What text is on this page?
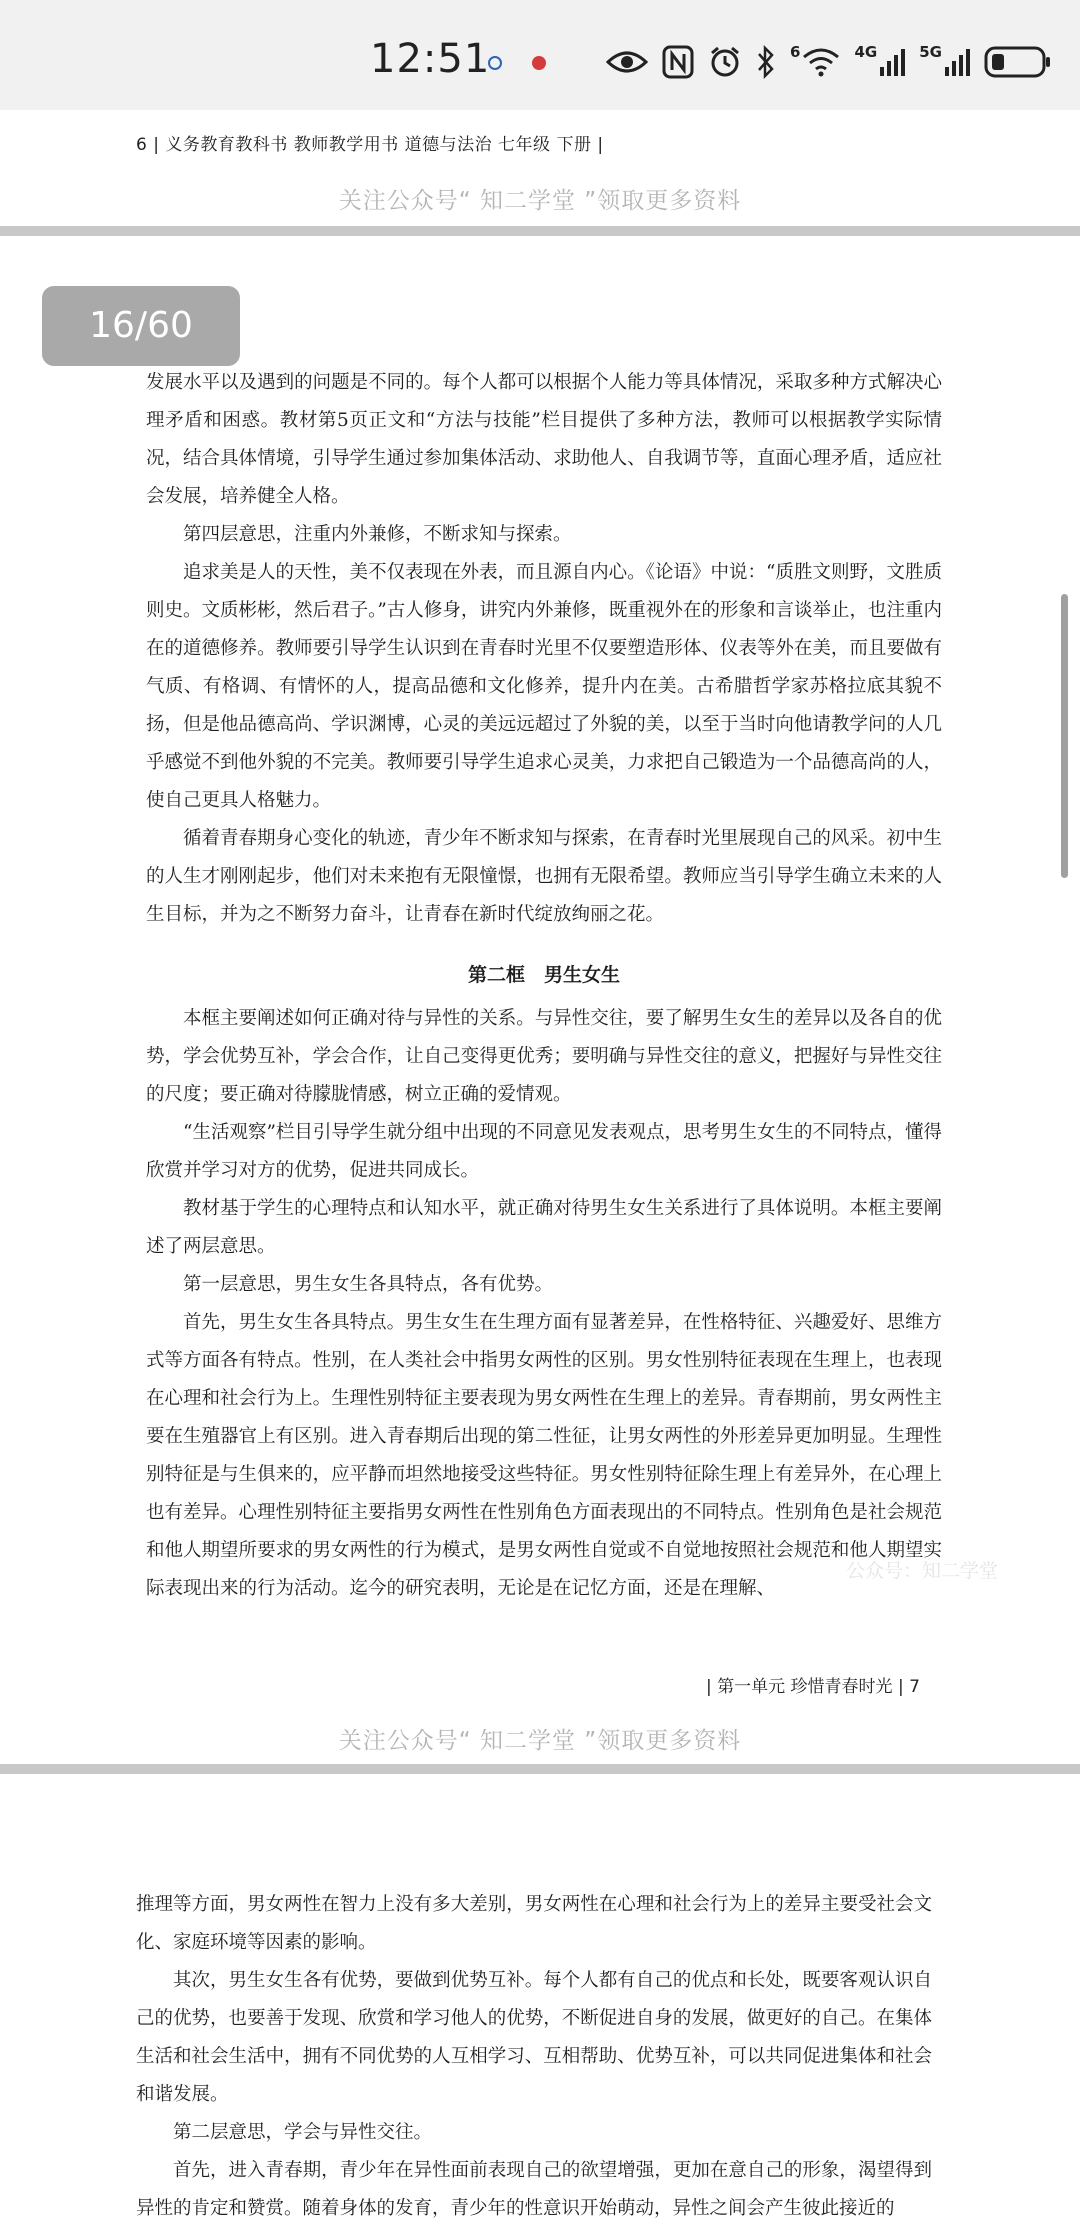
12:51	6	4G	5G
6 | 义务教育教科书 教师教学用书 道德与法治 七年级 下册 |
关注公众号“ 知二学堂 ”领取更多资料

发展水平以及遇到的问题是不同的。每个人都可以根据个人能力等具体情况，采取多种方式解决心理矛盾和困惑。教材第5页正文和“方法与技能”栏目提供了多种方法，教师可以根据教学实际情况，结合具体情境，引导学生通过参加集体活动、求助他人、自我调节等，直面心理矛盾，适应社会发展，培养健全人格。

第四层意思，注重内外兼修，不断求知与探索。

追求美是人的天性，美不仅表现在外表，而且源自内心。《论语》中说：“质胜文则野，文胜质则史。文质彬彬，然后君子。”古人修身，讲究内外兼修，既重视外在的形象和言谈举止，也注重内在的道德修养。教师要引导学生认识到在青春时光里不仅要塑造形体、仪表等外在美，而且要做有气质、有格调、有情怀的人，提高品德和文化修养，提升内在美。古希腊哲学家苏格拉底其貌不扬，但是他品德高尚、学识渊博，心灵的美远远超过了外貌的美，以至于当时向他请教学问的人几乎感觉不到他外貌的不完美。教师要引导学生追求心灵美，力求把自己锻造为一个品德高尚的人，使自己更具人格魅力。

循着青春期身心变化的轨迹，青少年不断求知与探索，在青春时光里展现自己的风采。初中生的人生才刚刚起步，他们对未来抱有无限憧憬，也拥有无限希望。教师应当引导学生确立未来的人生目标，并为之不断努力奋斗，让青春在新时代绽放绚丽之花。

第二框　男生女生

本框主要阐述如何正确对待与异性的关系。与异性交往，要了解男生女生的差异以及各自的优势，学会优势互补，学会合作，让自己变得更优秀；要明确与异性交往的意义，把握好与异性交往的尺度；要正确对待朦胧情感，树立正确的爱情观。

“生活观察”栏目引导学生就分组中出现的不同意见发表观点，思考男生女生的不同特点，懂得欣赏并学习对方的优势，促进共同成长。

教材基于学生的心理特点和认知水平，就正确对待男生女生关系进行了具体说明。本框主要阐述了两层意思。

第一层意思，男生女生各具特点，各有优势。

首先，男生女生各具特点。男生女生在生理方面有显著差异，在性格特征、兴趣爱好、思维方式等方面各有特点。性别，在人类社会中指男女两性的区别。男女性别特征表现在生理上，也表现在心理和社会行为上。生理性别特征主要表现为男女两性在生理上的差异。青春期前，男女两性主要在生殖器官上有区别。进入青春期后出现的第二性征，让男女两性的外形差异更加明显。生理性别特征是与生俱来的，应平静而坦然地接受这些特征。男女性别特征除生理上有差异外，在心理上也有差异。心理性别特征主要指男女两性在性别角色方面表现出的不同特点。性别角色是社会规范和他人期望所要求的男女两性的行为模式，是男女两性自觉或不自觉地按照社会规范和他人期望实际表现出来的行为活动。迄今的研究表明，无论是在记忆方面，还是在理解、

公众号：知二学堂
| 第一单元 珍惜青春时光 | 7
关注公众号“ 知二学堂 ”领取更多资料

推理等方面，男女两性在智力上没有多大差别，男女两性在心理和社会行为上的差异主要受社会文化、家庭环境等因素的影响。

其次，男生女生各有优势，要做到优势互补。每个人都有自己的优点和长处，既要客观认识自己的优势，也要善于发现、欣赏和学习他人的优势，不断促进自身的发展，做更好的自己。在集体生活和社会生活中，拥有不同优势的人互相学习、互相帮助、优势互补，可以共同促进集体和社会和谐发展。

第二层意思，学会与异性交往。

首先，进入青春期，青少年在异性面前表现自己的欲望增强，更加在意自己的形象，渴望得到异性的肯定和赞赏。随着身体的发育，青少年的性意识开始萌动，异性之间会产生彼此接近的

16/60
